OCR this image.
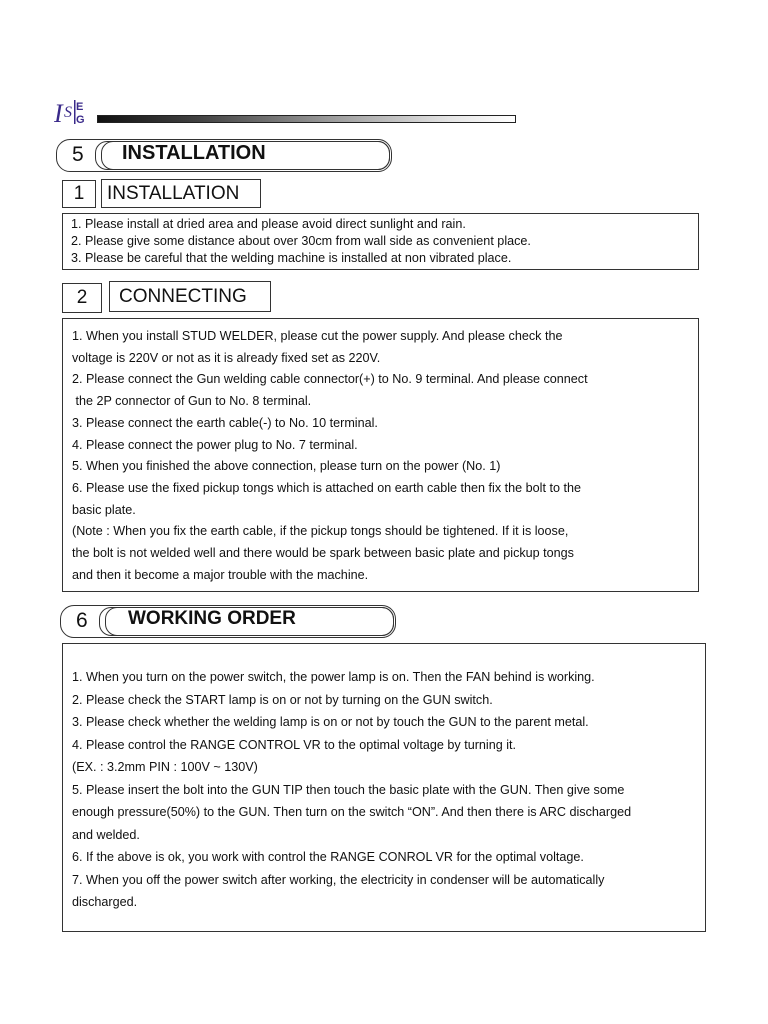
I S E
G
5 INSTALLATION
1	INSTALLATION
1. Please install at dried area and please avoid direct sunlight and rain.
2. Please give some distance about over 30cm from wall side as convenient place.
3. Please be careful that the welding machine is installed at non vibrated place.
2	CONNECTING
1. When you install STUD WELDER, please cut the power supply. And please check the
voltage is 220V or not as it is already fixed set as 220V.
2. Please connect the Gun welding cable connector(+) to No. 9 terminal. And please connect
the 2P connector of Gun to No. 8 terminal.
3. Please connect the earth cable(-) to No. 10 terminal.
4. Please connect the power plug to No. 7 terminal.
5. When you finished the above connection, please turn on the power (No. 1)
6. Please use the fixed pickup tongs which is attached on earth cable then fix the bolt to the
basic plate.
(Note : When you fix the earth cable, if the pickup tongs should be tightened. If it is loose,
the bolt is not welded well and there would be spark between basic plate and pickup tongs
and then it become a major trouble with the machine.
6 WORKING ORDER
1. When you turn on the power switch, the power lamp is on. Then the FAN behind is working.
2. Please check the START lamp is on or not by turning on the GUN switch.
3. Please check whether the welding lamp is on or not by touch the GUN to the parent metal.
4. Please control the RANGE CONTROL VR to the optimal voltage by turning it.
(EX. : 3.2mm PIN : 100V ~ 130V)
5. Please insert the bolt into the GUN TIP then touch the basic plate with the GUN. Then give some
enough pressure(50%) to the GUN. Then turn on the switch “ON”. And then there is ARC discharged
and welded.
6. If the above is ok, you work with control the RANGE CONROL VR for the optimal voltage.
7. When you off the power switch after working, the electricity in condenser will be automatically
discharged.
